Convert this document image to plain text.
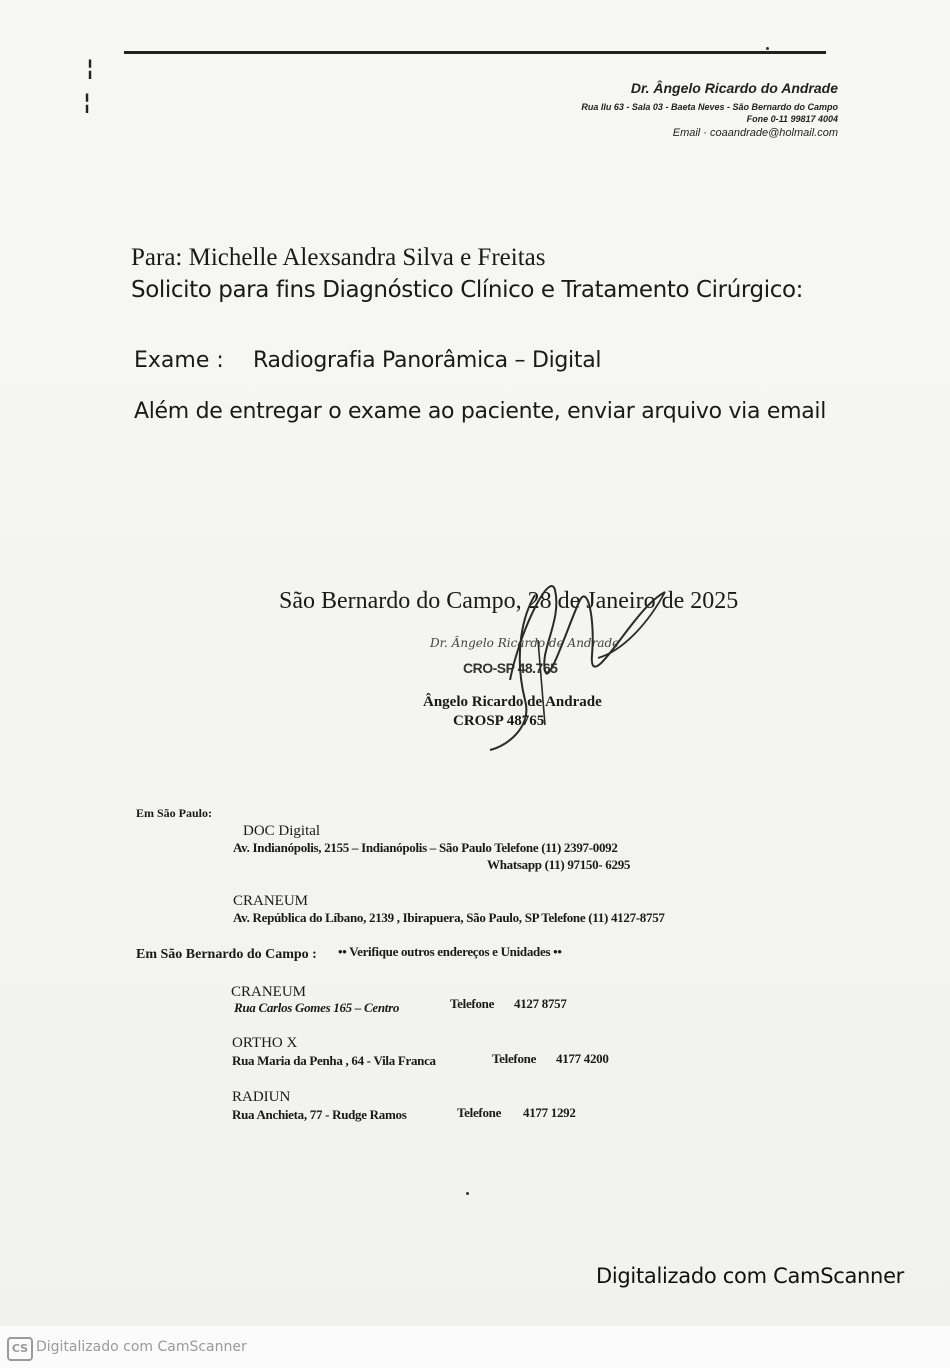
¦
¦
Dr. Ângelo Ricardo do Andrade
Rua Ilu 63 - Sala 03 - Baeta Neves - São Bernardo do Campo
Fone 0-11 99817 4004
Email · coaandrade@holmail.com
Para: Michelle Alexsandra Silva e Freitas
Solicito para fins Diagnóstico Clínico e Tratamento Cirúrgico:
Exame : Radiografia Panorâmica – Digital
Além de entregar o exame ao paciente, enviar arquivo via email
São Bernardo do Campo, 28 de Janeiro de 2025
Dr. Ângelo Ricardo de Andrade
CRO-SP 48.765
Ângelo Ricardo de Andrade
CROSP 48765
Em São Paulo:
DOC Digital
Av. Indianópolis, 2155 – Indianópolis – São Paulo Telefone (11) 2397-0092
Whatsapp (11) 97150- 6295
CRANEUM
Av. República do Líbano, 2139 , Ibirapuera, São Paulo, SP Telefone (11) 4127-8757
Em São Bernardo do Campo : •• Verifique outros endereços e Unidades ••
CRANEUM
Rua Carlos Gomes 165 – Centro	Telefone 4127 8757
ORTHO X
Rua Maria da Penha , 64 - Vila Franca	Telefone 4177 4200
RADIUN
Rua Anchieta, 77 - Rudge Ramos	Telefone 4177 1292
Digitalizado com CamScanner
CS Digitalizado com CamScanner
